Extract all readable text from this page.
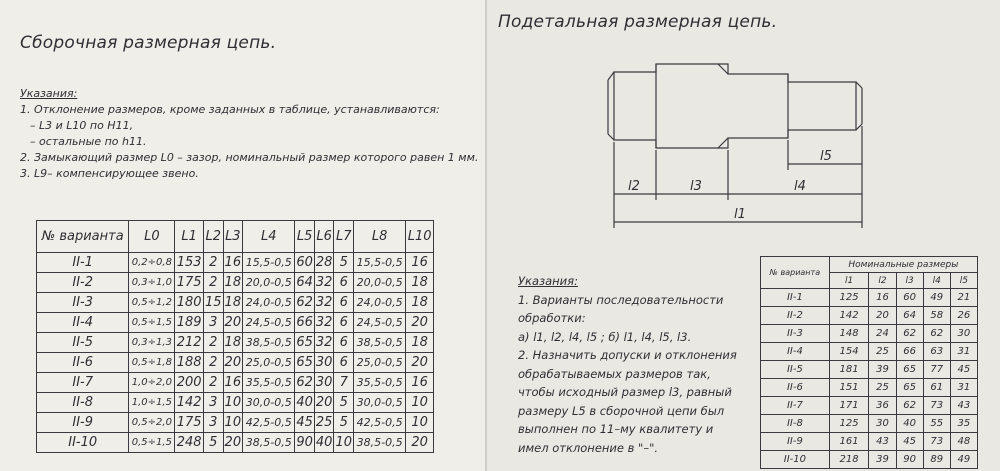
Сборочная размерная цепь.
Указания:
1. Отклонение размеров, кроме заданных в таблице, устанавливаются:
– L3 и L10 по Н11,
– остальные по h11.
2. Замыкающий размер L0 – зазор, номинальный размер которого равен 1 мм.
3. L9– компенсирующее звено.
№ варианта	L0	L1	L2	L3	L4	L5	L6	L7	L8	L10
II-1	0,2÷0,8	153	2	16	15,5-0,5	60	28	5	15,5-0,5	16
II-2	0,3÷1,0	175	2	18	20,0-0,5	64	32	6	20,0-0,5	18
II-3	0,5÷1,2	180	15	18	24,0-0,5	62	32	6	24,0-0,5	18
II-4	0,5÷1,5	189	3	20	24,5-0,5	66	32	6	24,5-0,5	20
II-5	0,3÷1,3	212	2	18	38,5-0,5	65	32	6	38,5-0,5	18
II-6	0,5÷1,8	188	2	20	25,0-0,5	65	30	6	25,0-0,5	20
II-7	1,0÷2,0	200	2	16	35,5-0,5	62	30	7	35,5-0,5	16
II-8	1,0÷1,5	142	3	10	30,0-0,5	40	20	5	30,0-0,5	10
II-9	0,5÷2,0	175	3	10	42,5-0,5	45	25	5	42,5-0,5	10
II-10	0,5÷1,5	248	5	20	38,5-0,5	90	40	10	38,5-0,5	20
Подетальная размерная цепь.
l5
l2	l3	l4
l1
Указания:
1. Варианты последовательности
обработки:
а) l1, l2, l4, l5 ; б) l1, l4, l5, l3.
2. Назначить допуски и отклонения
обрабатываемых размеров так,
чтобы исходный размер l3, равный
размеру L5 в сборочной цепи был
выполнен по 11–му квалитету и
имел отклонение в "–".
№ варианта	Номинальные размеры				
	l1	l2	l3	l4	l5
II-1	125	16	60	49	21
II-2	142	20	64	58	26
II-3	148	24	62	62	30
II-4	154	25	66	63	31
II-5	181	39	65	77	45
II-6	151	25	65	61	31
II-7	171	36	62	73	43
II-8	125	30	40	55	35
II-9	161	43	45	73	48
II-10	218	39	90	89	49
